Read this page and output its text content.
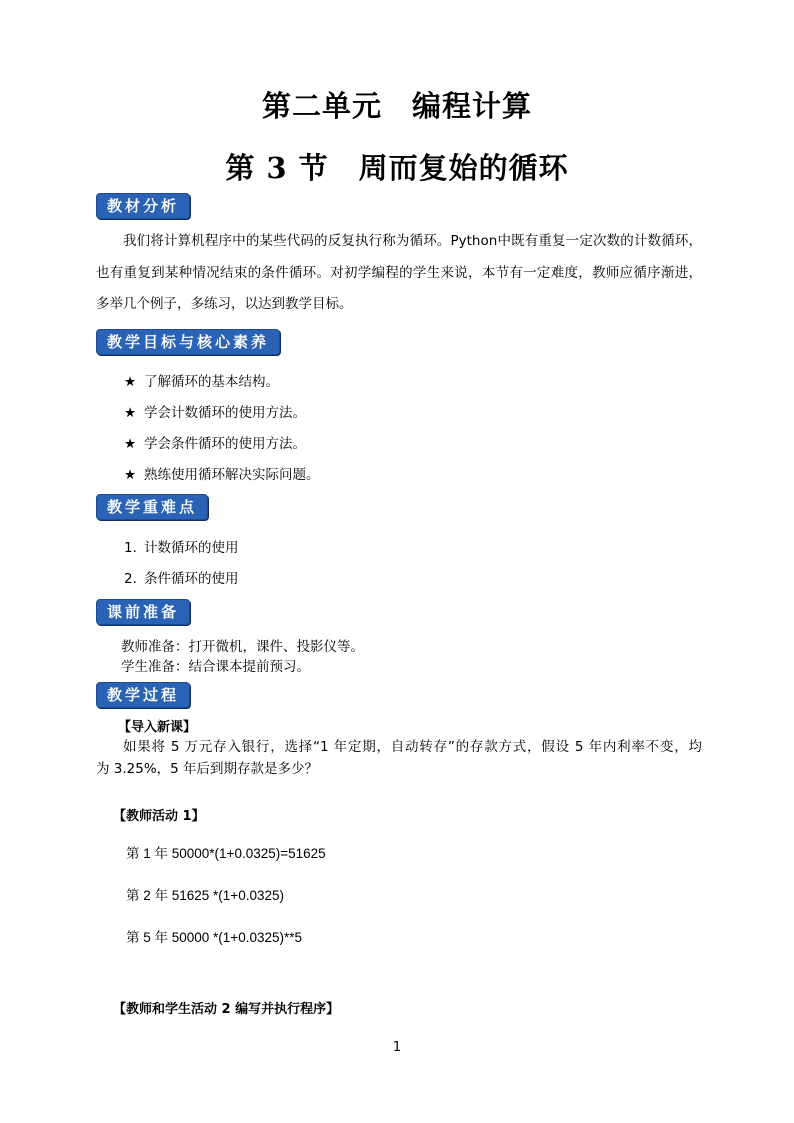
第二单元　编程计算
第 3 节　周而复始的循环
教材分析

我们将计算机程序中的某些代码的反复执行称为循环。Python中既有重复一定次数的计数循环，

也有重复到某种情况结束的条件循环。对初学编程的学生来说，本节有一定难度，教师应循序渐进，

多举几个例子，多练习，以达到教学目标。

教学目标与核心素养
★ 了解循环的基本结构。
★ 学会计数循环的使用方法。
★ 学会条件循环的使用方法。
★ 熟练使用循环解决实际问题。
教学重难点
1. 计数循环的使用
2. 条件循环的使用
课前准备
教师准备：打开微机，课件、投影仪等。
学生准备：结合课本提前预习。
教学过程
【导入新课】

如果将 5 万元存入银行，选择“1 年定期，自动转存”的存款方式，假设 5 年内利率不变，均

为 3.25%，5 年后到期存款是多少？

【教师活动 1】
第 1 年 50000*(1+0.0325)=51625
第 2 年 51625 *(1+0.0325)
第 5 年 50000 *(1+0.0325)**5
【教师和学生活动 2 编写并执行程序】
1
